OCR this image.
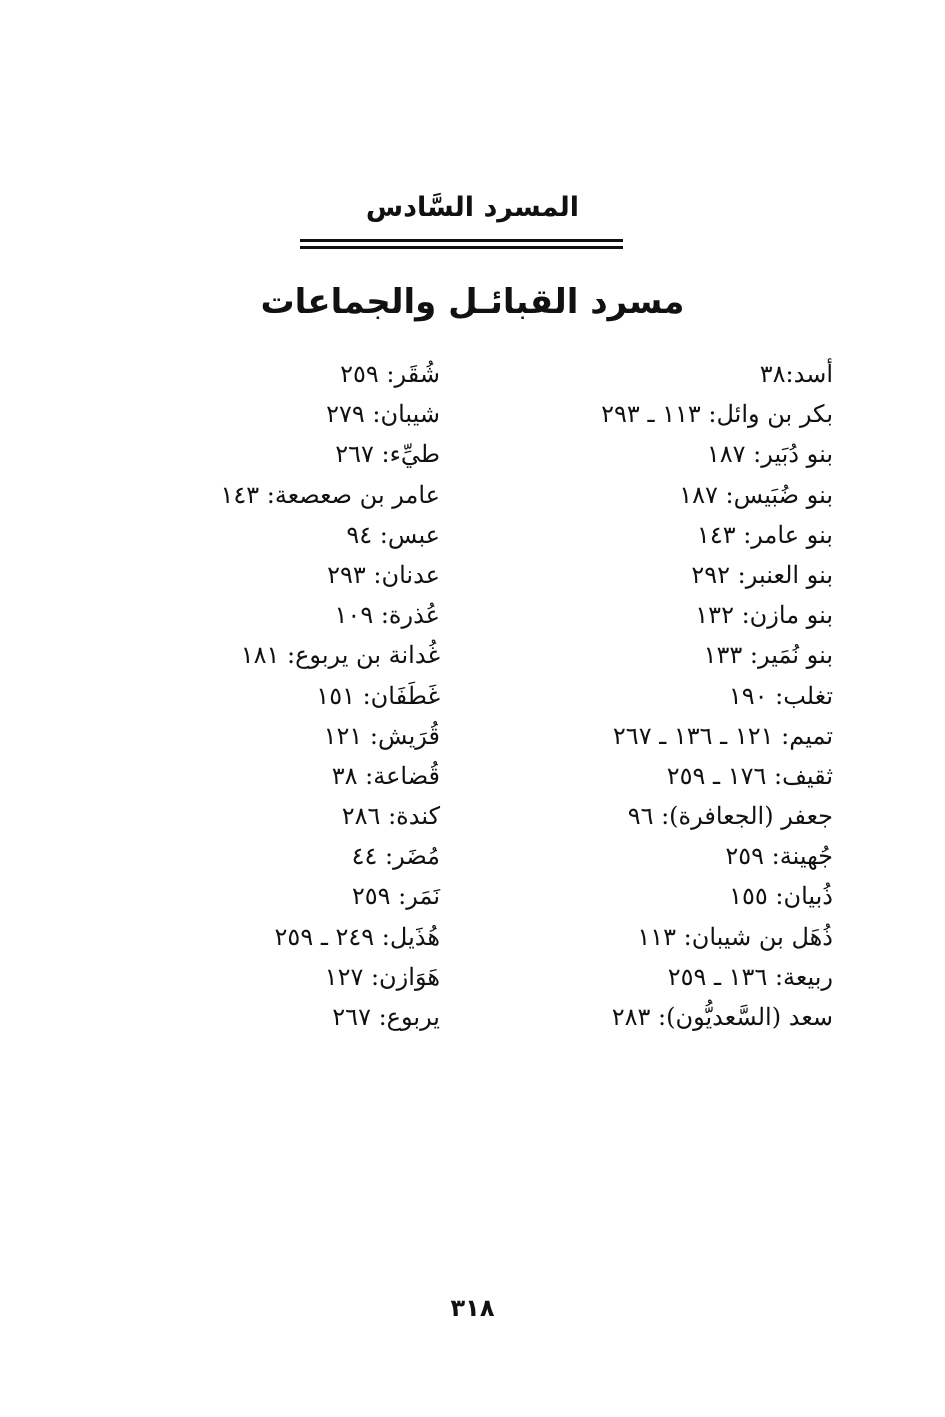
المسرد السَّادس
مسرد القبائـل والجماعات
أسد:٣٨
بكر بن وائل: ١١٣ ـ ٢٩٣
بنو دُبَير: ١٨٧
بنو ضُبَيس: ١٨٧
بنو عامر: ١٤٣
بنو العنبر: ٢٩٢
بنو مازن: ١٣٢
بنو نُمَير: ١٣٣
تغلب: ١٩٠
تميم: ١٢١ ـ ١٣٦ ـ ٢٦٧
ثقيف: ١٧٦ ـ ٢٥٩
جعفر (الجعافرة): ٩٦
جُهينة: ٢٥٩
ذُبيان: ١٥٥
ذُهَل بن شيبان: ١١٣
ربيعة: ١٣٦ ـ ٢٥٩
سعد (السَّعديُّون): ٢٨٣
شُقَر: ٢٥٩
شيبان: ٢٧٩
طيِّء: ٢٦٧
عامر بن صعصعة: ١٤٣
عبس: ٩٤
عدنان: ٢٩٣
عُذرة: ١٠٩
غُدانة بن يربوع: ١٨١
غَطَفَان: ١٥١
قُرَيش: ١٢١
قُضاعة: ٣٨
كندة: ٢٨٦
مُضَر: ٤٤
نَمَر: ٢٥٩
هُذَيل: ٢٤٩ ـ ٢٥٩
هَوَازن: ١٢٧
يربوع: ٢٦٧
٣١٨
